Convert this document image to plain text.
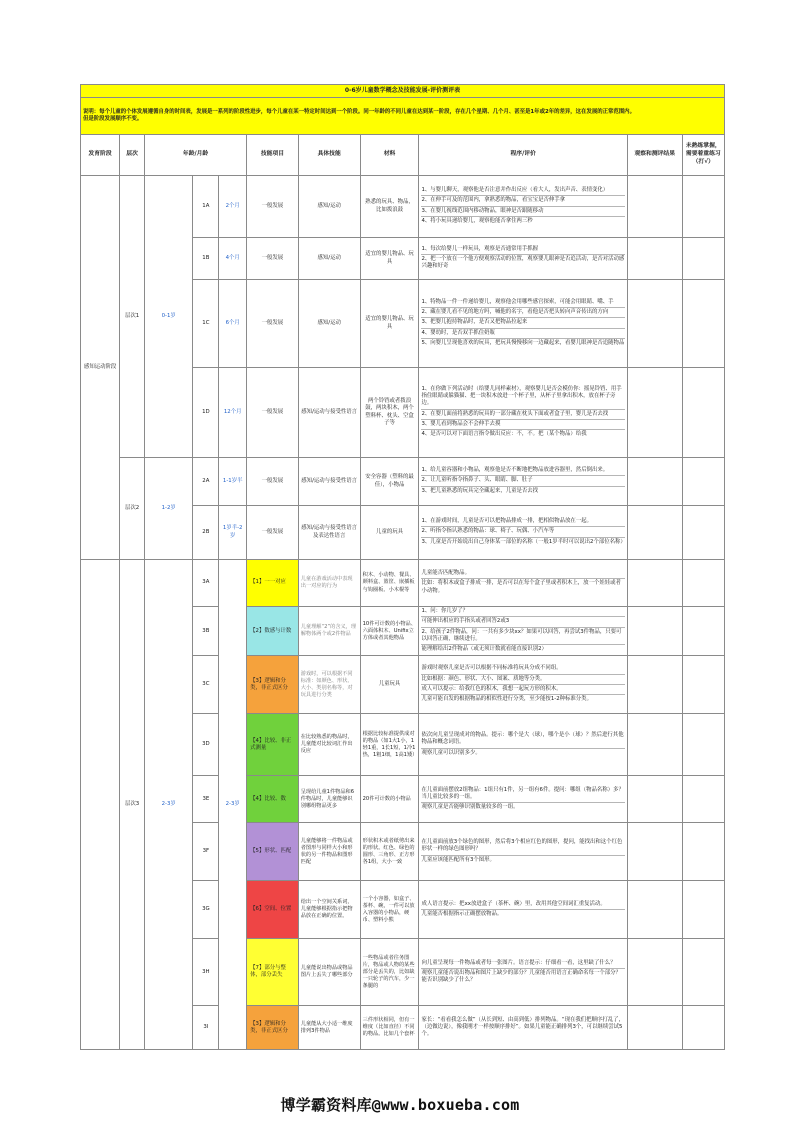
0-6岁儿童数学概念及技能发展-评价测评表										

说明：每个儿童的个体发展遵循自身的时间表，发展是一系列的阶段性进步，每个儿童在某一特定时间达到一个阶段。同一年龄的不同儿童在达到某一阶段，存在几个星期、几个月、甚至是1年或2年的差异，这在发展的正常范围内。
但是阶段发展顺序不变。										

发育阶段	层次	年龄/月龄			技能项目	具体技能	材料	程序/评价	观察和测评结果	未熟练掌握，需要着重练习（打√）
感知运动阶段	层次1	0-1岁	1A	2个月	一般发展	感知/运动	熟悉的玩具、物品，比如拨浪鼓	1、与婴儿聊天，观察他是否注意并作出反应（看大人，发出声音、表情变化）
2、在伸手可及的范围内，拿熟悉的物品，看宝宝是否伸手拿
3、在婴儿视线范围内移动物品，眼神是否跟随移动
4、将小玩具递给婴儿，观察他能否拿住两三秒		

			1B	4个月	一般发展	感知/运动	适宜的婴儿物品、玩具	1、每次给婴儿一样玩具，观察是否通常用手抓握
2、把一个放在一个他方便观察活动的位置，观察婴儿眼神是否追活动，是否对活动感兴趣和好奇		

			1C	6个月	一般发展	感知/运动	适宜的婴儿物品、玩具	1、特物品一件一件递给婴儿，观察他会用哪些感官探索，可能会用眼睛、嘴、手
2、藏在婴儿看不见的地方吗，喊他的名字，看他是否把头转向声音传出的方向
3、把婴儿抱持物品时，是否又把物品拉起来
4、婴幼时，是否双手抓住奶瓶
5、向婴儿呈现他喜欢的玩具，把玩具慢慢移向一边藏起来，看婴儿眼神是否追随物品		

			1D	12个月	一般发展	感知/运动与接受性语言	两个铃铛或者拨浪鼓，两块积木，两个塑料杯、枕头、空盒子等	1、在你做下列活动时（给婴儿同样素材），观察婴儿是否会模仿你：摇晃铃铛、用手指住眼睛或躲猫猫、把一块积木放进一个杯子里，从杯子里拿出积木，放在杯子旁边。
2、在婴儿面前将熟悉的玩具的一部分藏在枕头下面或者盒子里，婴儿是否去找
3、婴儿看到物品会不会伸手去摸
4、是否可以对下面语言指令做出反应：不，不。把（某个物品）给我		

	层次2	1-2岁	2A	1-1岁半	一般发展	感知/运动与接受性语言	安全容器（塑料的最佳），小物品	1、给儿童容器和小物品，观察他是否不断地把物品放进容器里，然后倒出来。
2、让儿童听指令指鼻子、头、眼睛、脚、肚子
3、把儿童熟悉的玩具完全藏起来，儿童是否去找		

			2B	1岁半-2岁	一般发展	感知/运动与接受性语言及表达性语言	儿童的玩具	1、在游戏时间，儿童是否可以把物品排成一排，把相似物品放在一起。
2、听指令指认熟悉的物品：球、椅子、玩偶、小汽车等
3、儿童是否开始说出自己身体某一部位的名称（一般1岁半时可以说出2个部位名称）		

	层次3	2-3岁	3A	2-3岁	【1】一一对应	儿童在游戏活动中表现出一对应的行为	积木、小动物、餐具、颜料盒、篮筐、嵌插板与钩圈板、小木棍等	儿童能否匹配物品。
比如：将积木或盒子排成一排，是否可以在每个盒子里或者积木上，放一个娃娃或者小动物。		

			3B		【2】数感与计数	儿童理解“2”的含义，理解物体两个或2件物品	10件可计数的小物品、六面体积木、Unifix立方体或者其他物品	1、问：你几岁了？
可能伸出相应的手指头或者回答2或3
2、给孩子2件物品，问：一共有多少块xx？如果可以回答，再尝试3件物品，只要可以回答正确，继续进行。
能理解给出2件物品（或无须计数就看能直接识别2）		

			3C		【3】逻辑和分类，非正式区分	游戏时，可以根据不同标准：如颜色、形状、大小、类别名称等，对玩具进行分类	儿童玩具	游戏时观察儿童是否可以根据不同标准将玩具分成不同组。
比如根据：颜色、形状、大小、图案、质地等分类。
成人可以提示：给我红色的积木，我想一起玩方形的积木。
儿童可能自发的根据物品的相似性进行分类，至少能按1-2种标准分类。		

			3D		【4】比较、非正式测量	在比较熟悉的物品时，儿童能对比较词汇作出反应	根据比较标准提供成对的物品（如1大1小，1轻1重，1长1短，1冷1热，1粗1细，1高1矮）	依次向儿童呈现成对的物品。提示：哪个是大（球），哪个是小（球）？然后进行其他物品和概念词语。
观察儿童可以识别多少。		

			3E		【4】比较、数	呈现给儿童1件物品和6件物品时，儿童能够识别哪组物品更多	20件可计数的小物品	在儿童面前摆放2组物品：1组只有1件，另一组有6件。提问：哪组（物品名称）多？当儿童比较多的一组。
观察儿童是否能够识别数量较多的一组。		

			3F		【5】形状、匹配	儿童能够将一件物品或者图形与同样大小和形状的另一件物品和图形匹配	形状积木或者纸剪出来的形状。红色、绿色的圆形、三角形、正方形各1组，大小一致	在儿童面前放3个绿色的图形，然后将3个相应红色的图形，提问，能找出和这个红色形状一样的绿色图形吗？
儿童应该能匹配所有3个图形。		

			3G		【6】空间、位置	给出一个空间关系词，儿童能够根据指示把物品放在正确的位置。	一个小容器，如盒子、茶杯、碗，一件可以放入容器的小物品，硬币、塑料小熊	成人语言提示：把xx放进盒子（茶杯、碗）里，改用其他空间词汇重复活动。
儿童能否根据指示正确摆放物品。		

			3H		【7】部分与整体，部分丢失	儿童能说出物品或物品图片上丢失了哪些部分	一些物品或者往务图片，物品或人物的某些部分是丢失的，比如缺一只轮子的汽车，少一条腿的	向儿童呈现每一件物品或者每一张图片。语言提示：仔细看一看，这里缺了什么？
观察儿童能否说出物品和图片上缺少的部分？儿童能否用语言正确命名每一个部分？能否识别缺少了什么？		

			3I		【3】逻辑和分类，非正式区分	儿童能从大小适一维度排列3件物品	三件形状相同，但有一维度（比如直径）不同的物品。比如几个套杯	家长：“看看我怎么做”（从长到短、由高到低）排列物品。“现在我们把顺序打乱了，（边做边说），像我刚才一样按顺序排好”。如果儿童能正确排列3个，可以继续尝试5个。		

博学霸资料库@www.boxueba.com
